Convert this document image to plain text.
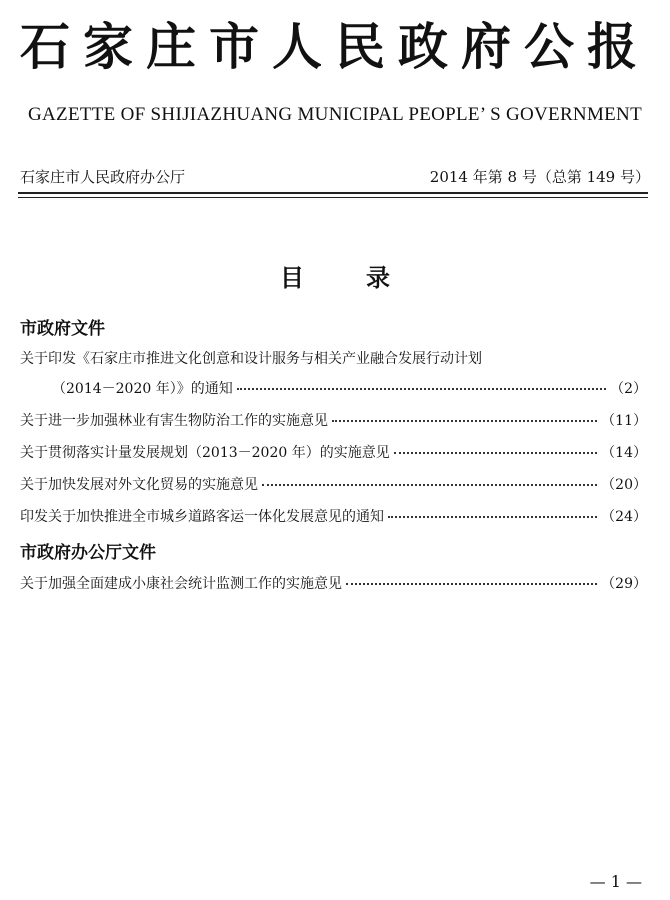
石家庄市人民政府公报
GAZETTE OF SHIJIAZHUANG MUNICIPAL PEOPLE’ S GOVERNMENT
石家庄市人民政府办公厅	2014 年第 8 号（总第 149 号）
目	录
市政府文件
关于印发《石家庄市推进文化创意和设计服务与相关产业融合发展行动计划
（2014－2020 年）》的通知	（2）
关于进一步加强林业有害生物防治工作的实施意见	（11）
关于贯彻落实计量发展规划（2013－2020 年）的实施意见	（14）
关于加快发展对外文化贸易的实施意见	（20）
印发关于加快推进全市城乡道路客运一体化发展意见的通知	（24）
市政府办公厅文件
关于加强全面建成小康社会统计监测工作的实施意见	（29）
— 1 —
